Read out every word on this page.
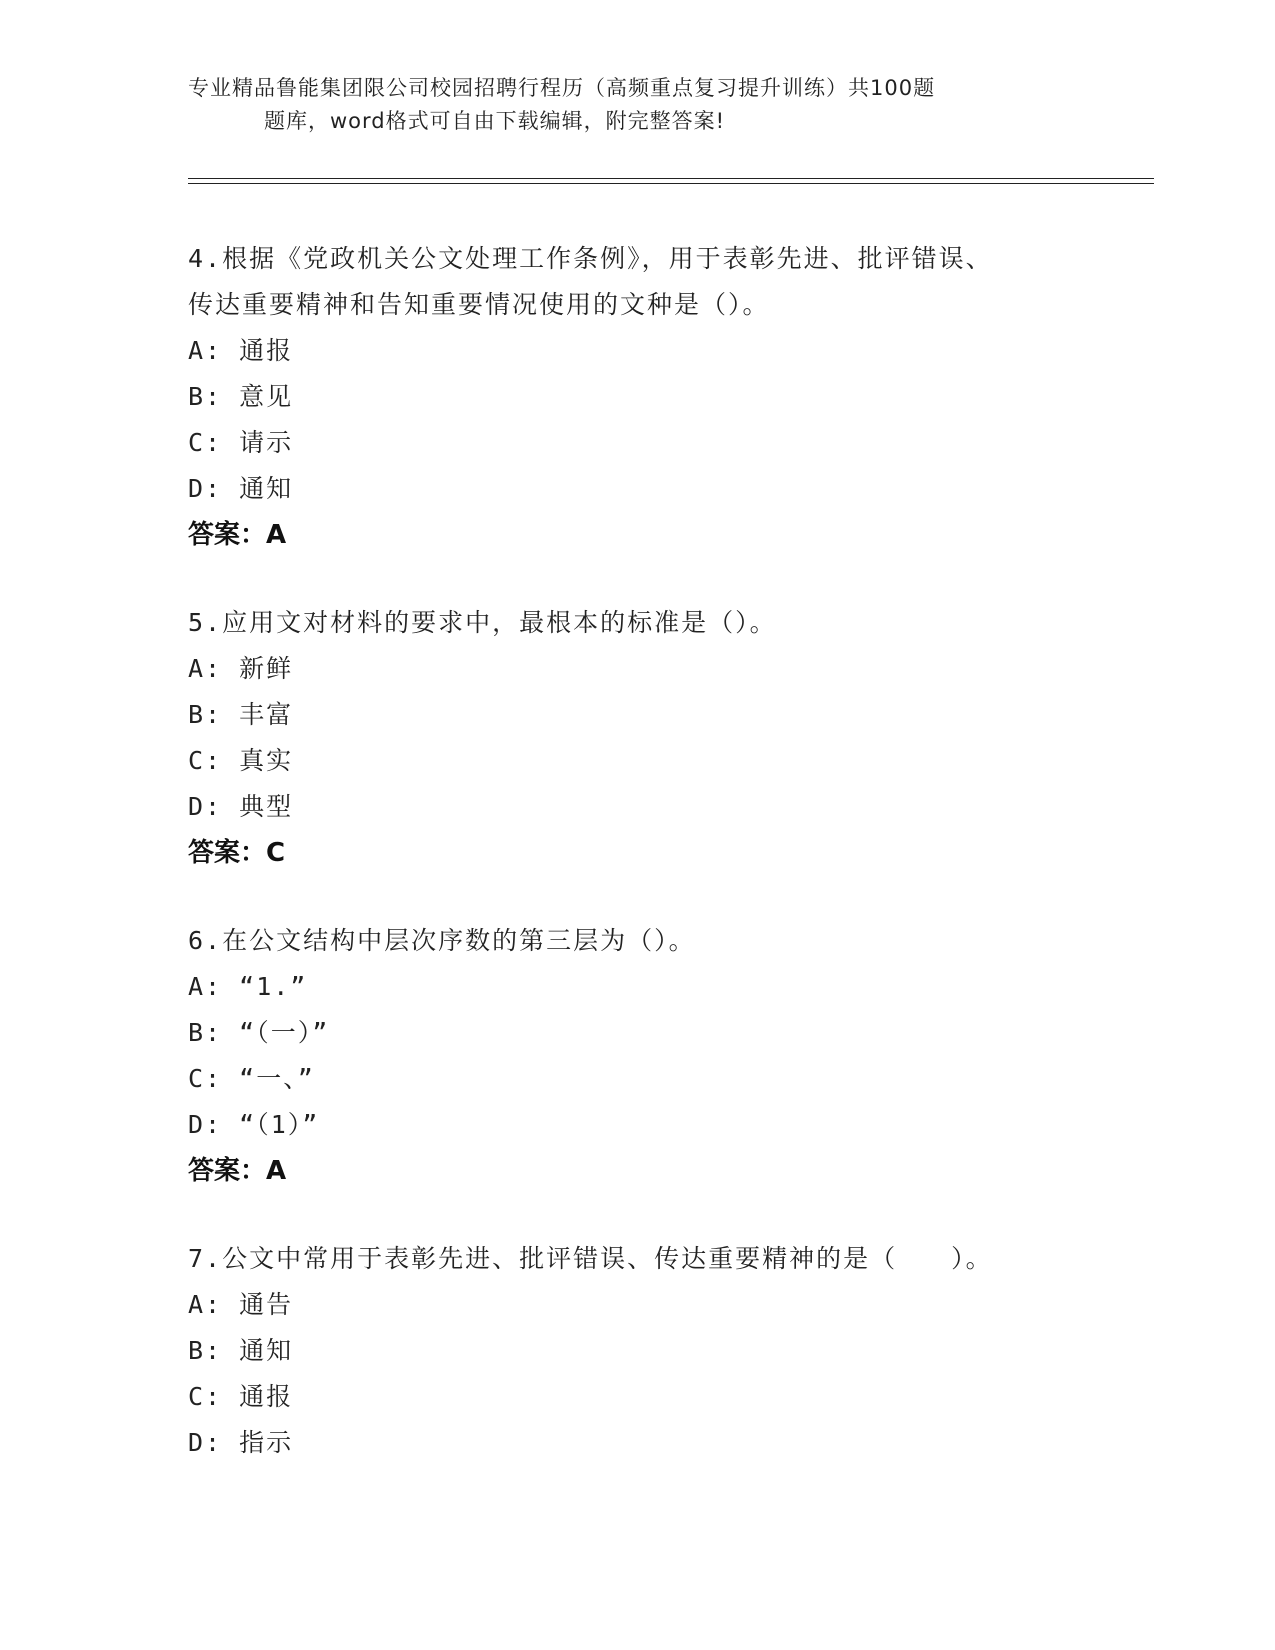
专业精品鲁能集团限公司校园招聘行程历（高频重点复习提升训练）共100题
题库，word格式可自由下载编辑，附完整答案!

4.根据《党政机关公文处理工作条例》，用于表彰先进、批评错误、
传达重要精神和告知重要情况使用的文种是（）。

A: 通报
B: 意见
C: 请示
D: 通知
答案：A

5.应用文对材料的要求中，最根本的标准是（）。

A: 新鲜
B: 丰富
C: 真实
D: 典型
答案：C

6.在公文结构中层次序数的第三层为（）。

A: “1.”
B: “（一）”
C: “一、”
D: “（1）”
答案：A

7.公文中常用于表彰先进、批评错误、传达重要精神的是（　　）。

A: 通告
B: 通知
C: 通报
D: 指示
